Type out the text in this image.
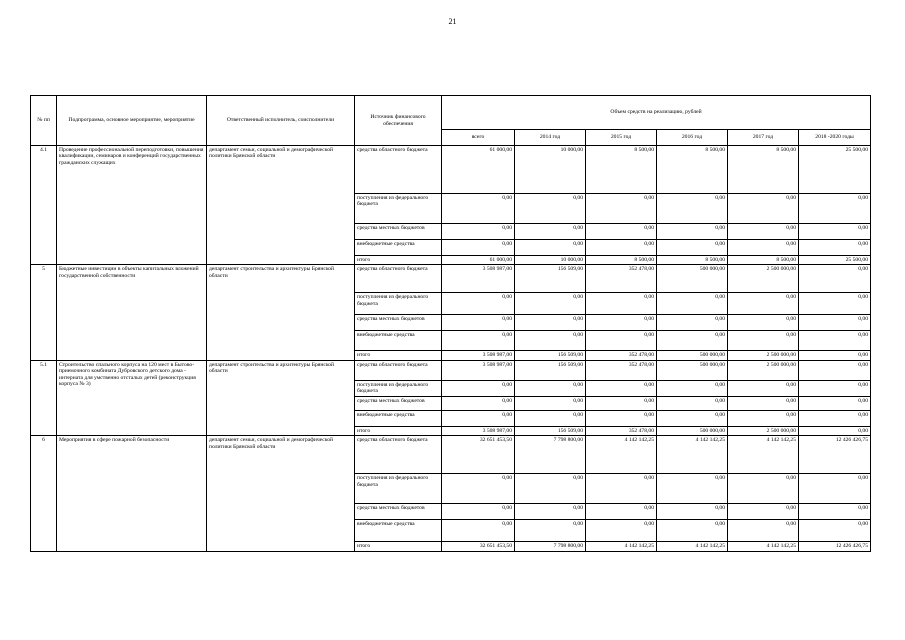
21
№ пп	Подпрограмма, основное мероприятие, мероприятие	Ответственный исполнитель, соисполнители	Источник финансового обеспечения	Объем средств на реализацию, рублей					
				всего	2014 год	2015 год	2016 год	2017 год	2018 -2020 годы
4.1	Проведение профессиональной переподготовки, повышения квалификации, семинаров и конференций государственных гражданских служащих	департамент семьи, социальной и демографической политики Брянской области	средства областного бюджета	61 000,00	10 000,00	8 500,00	8 500,00	8 500,00	25 500,00
			поступления из федерального бюджета	0,00	0,00	0,00	0,00	0,00	0,00
			средства местных бюджетов	0,00	0,00	0,00	0,00	0,00	0,00
			внебюджетные средства	0,00	0,00	0,00	0,00	0,00	0,00
			итого	61 000,00	10 000,00	8 500,00	8 500,00	8 500,00	25 500,00
5	Бюджетные инвестиции в объекты капитальных вложений государственной собственности	департамент строительства и архитектуры Брянской области	средства областного бюджета	3 508 987,00	156 509,00	352 478,00	500 000,00	2 500 000,00	0,00
			поступления из федерального бюджета	0,00	0,00	0,00	0,00	0,00	0,00
			средства местных бюджетов	0,00	0,00	0,00	0,00	0,00	0,00
			внебюджетные средства	0,00	0,00	0,00	0,00	0,00	0,00
			итого	3 508 987,00	156 509,00	352 478,00	500 000,00	2 500 000,00	0,00
5.1	Строительство спального корпуса на 120 мест в Бытово-приемочного комбината Дубровского детского дома - интерната для умственно отсталых детей (реконструкция корпуса № 3)	департамент строительства и архитектуры Брянской области	средства областного бюджета	3 508 987,00	156 509,00	352 478,00	500 000,00	2 500 000,00	0,00
			поступления из федерального бюджета	0,00	0,00	0,00	0,00	0,00	0,00
			средства местных бюджетов	0,00	0,00	0,00	0,00	0,00	0,00
			внебюджетные средства	0,00	0,00	0,00	0,00	0,00	0,00
			итого	3 508 987,00	156 509,00	352 478,00	500 000,00	2 500 000,00	0,00
6	Мероприятия в сфере пожарной безопасности	департамент семьи, социальной и демографической политики Брянской области	средства областного бюджета	32 651 453,50	7 798 800,00	4 142 142,25	4 142 142,25	4 142 142,25	12 426 426,75
			поступления из федерального бюджета	0,00	0,00	0,00	0,00	0,00	0,00
			средства местных бюджетов	0,00	0,00	0,00	0,00	0,00	0,00
			внебюджетные средства	0,00	0,00	0,00	0,00	0,00	0,00
			итого	32 651 453,50	7 798 800,00	4 142 142,25	4 142 142,25	4 142 142,25	12 426 426,75
